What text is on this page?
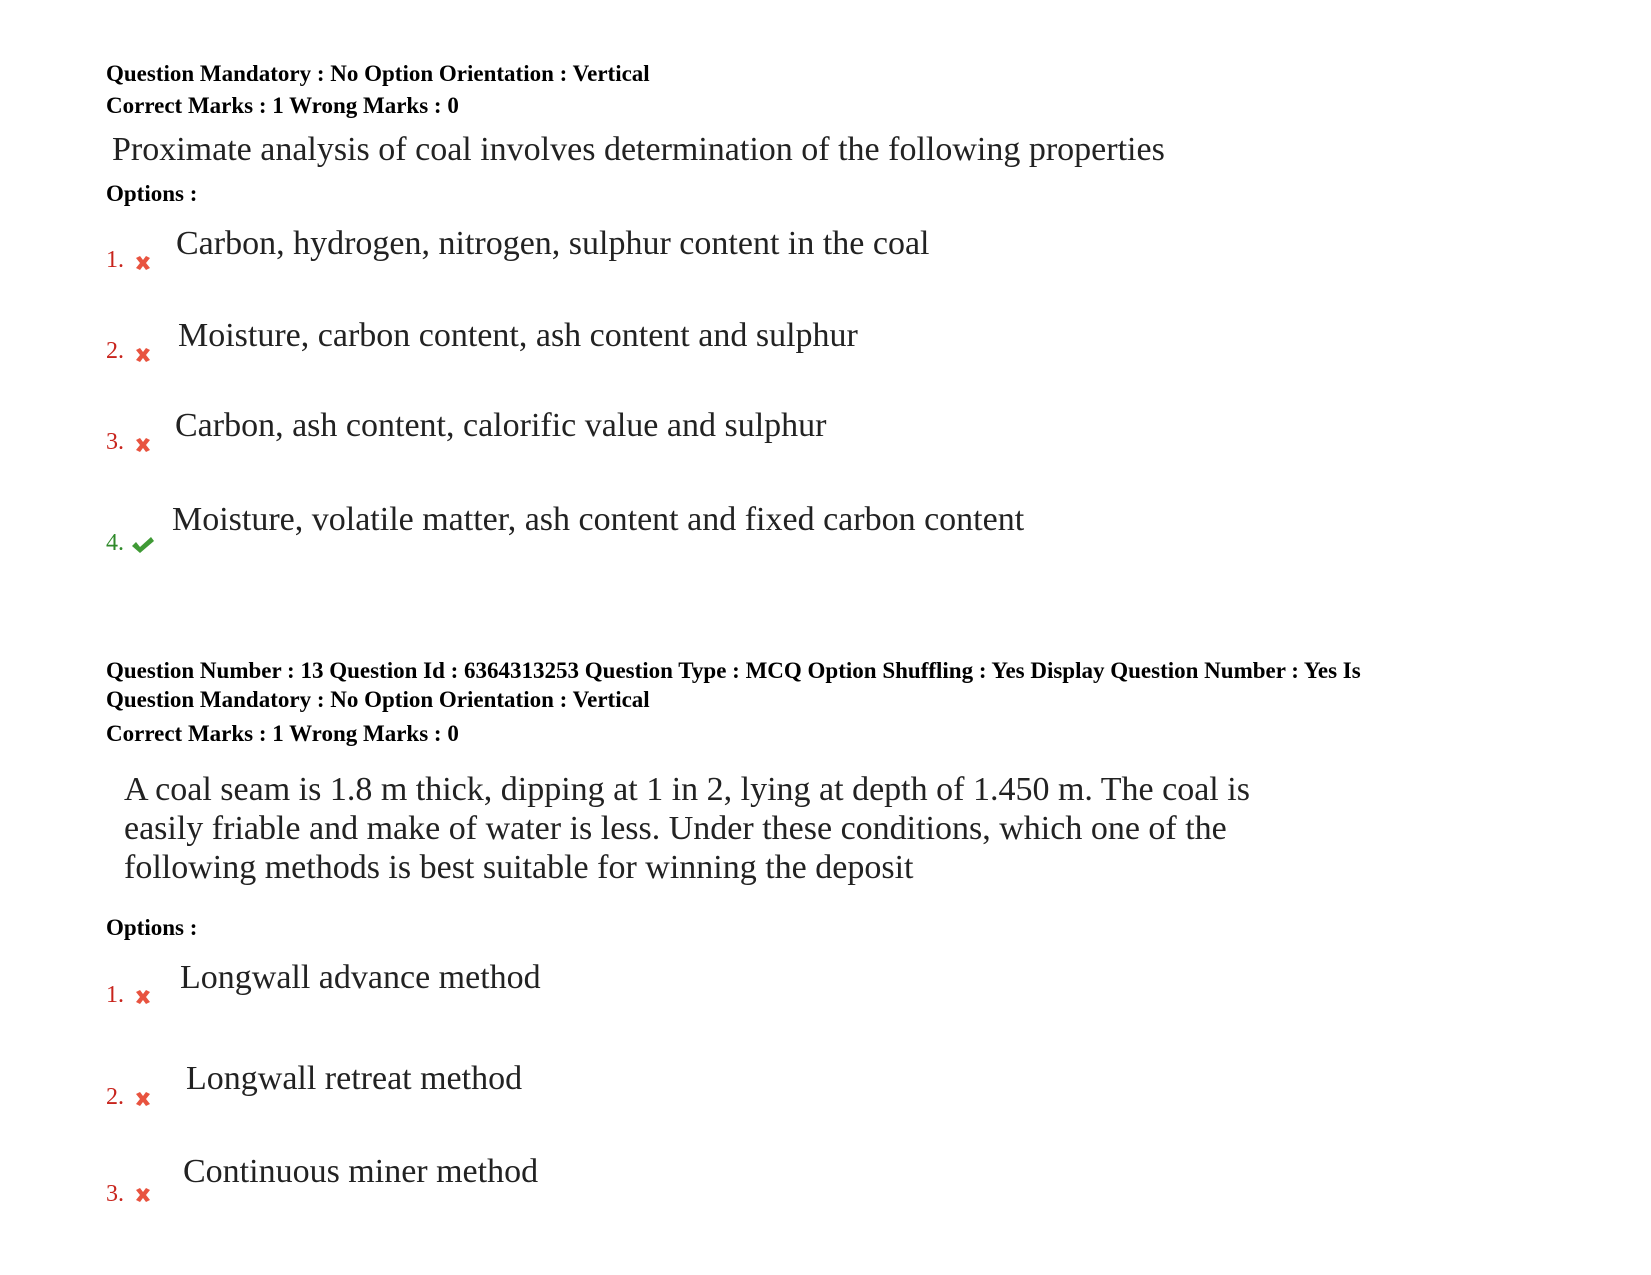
Question Mandatory : No Option Orientation : Vertical
Correct Marks : 1 Wrong Marks : 0
Proximate analysis of coal involves determination of the following properties
Options :
1. Carbon, hydrogen, nitrogen, sulphur content in the coal
2. Moisture, carbon content, ash content and sulphur
3. Carbon, ash content, calorific value and sulphur
4.
Moisture, volatile matter, ash content and fixed carbon content
Question Number : 13 Question Id : 6364313253 Question Type : MCQ Option Shuffling : Yes Display Question Number : Yes Is
Question Mandatory : No Option Orientation : Vertical
Correct Marks : 1 Wrong Marks : 0
A coal seam is 1.8 m thick, dipping at 1 in 2, lying at depth of 1.450 m. The coal is
easily friable and make of water is less. Under these conditions, which one of the
following methods is best suitable for winning the deposit
Options :
1. Longwall advance method
2. Longwall retreat method
3.
Continuous miner method
